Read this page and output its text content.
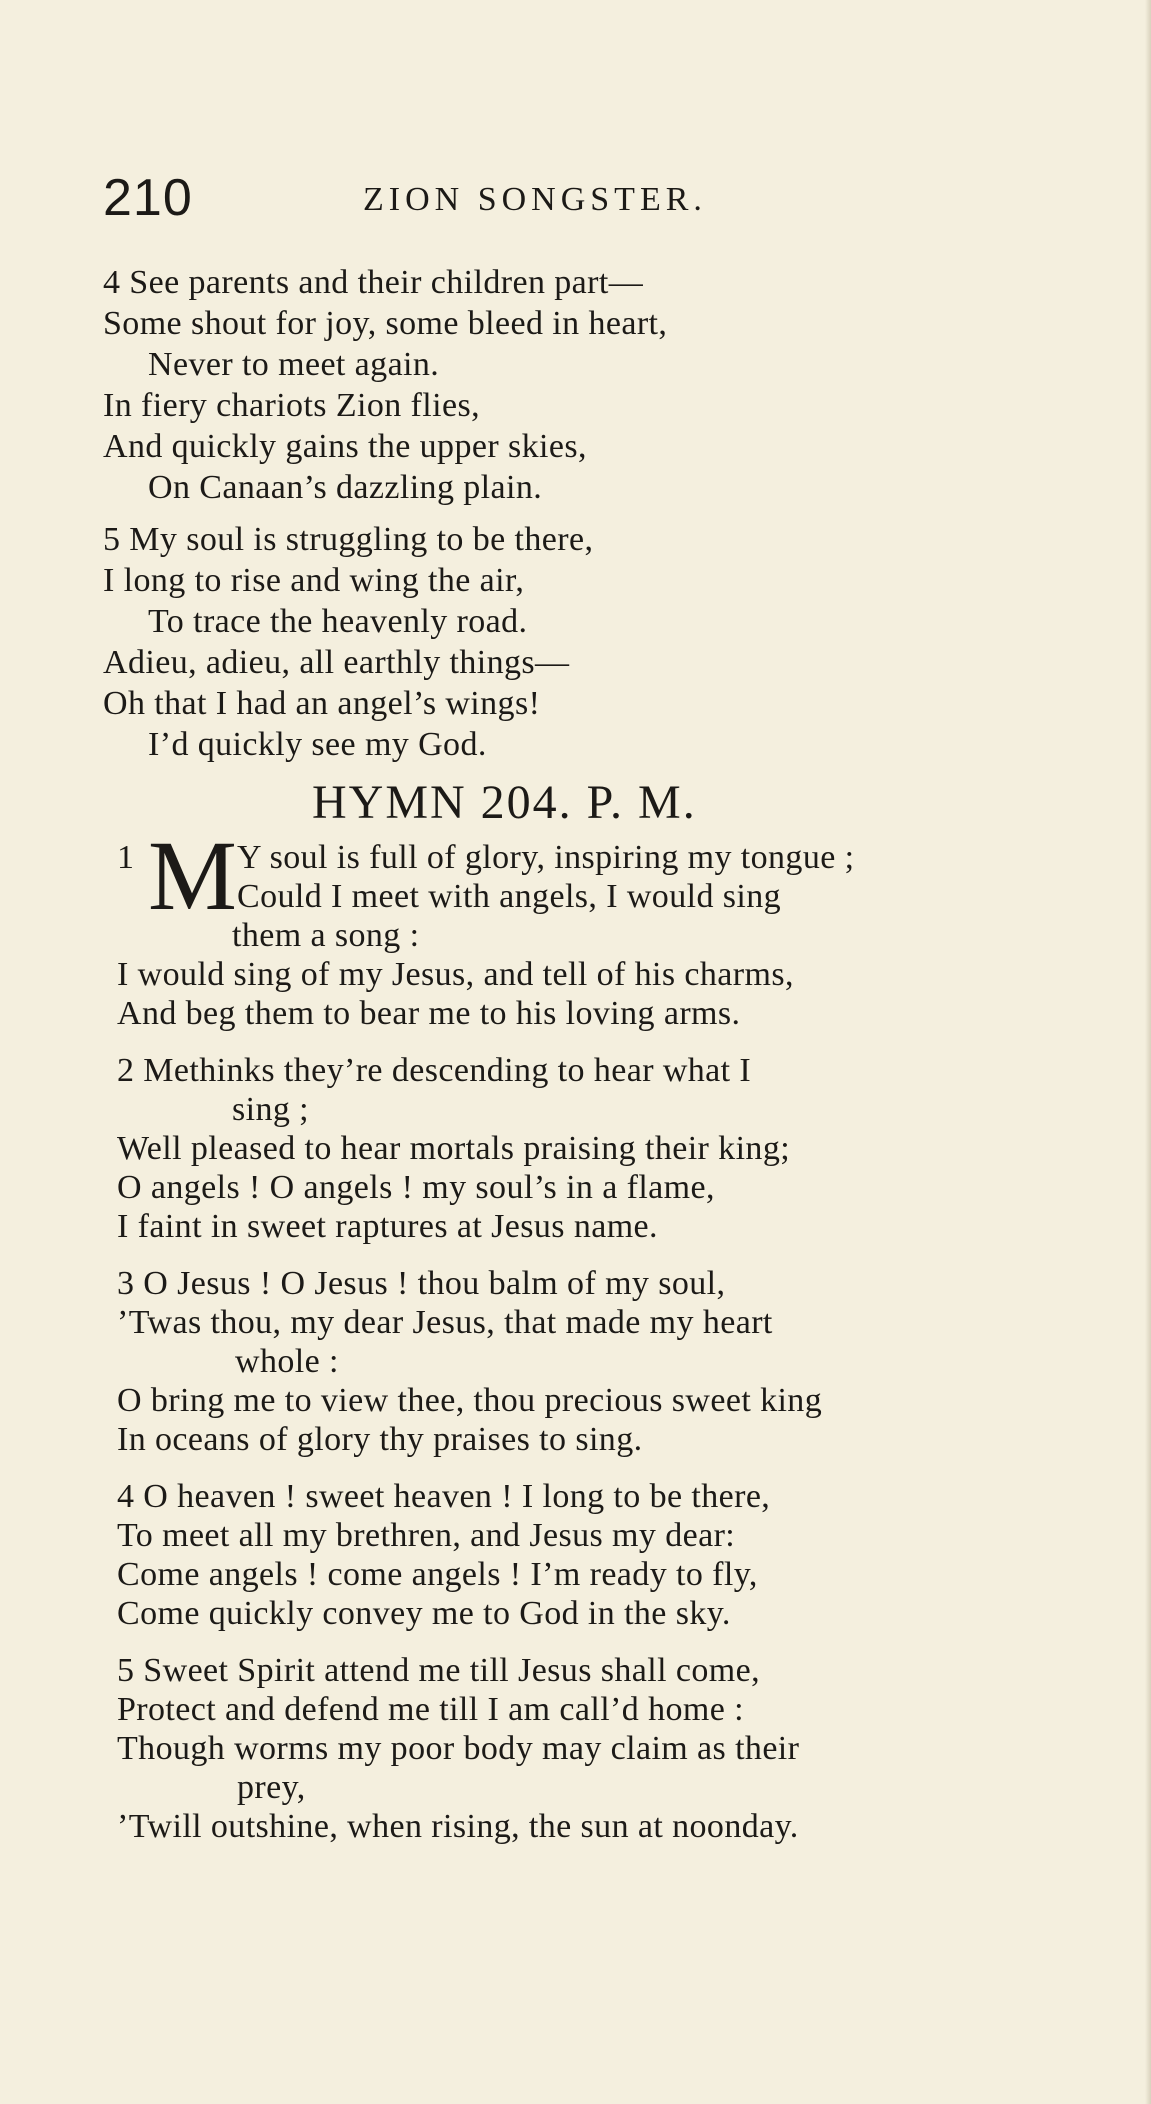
210	ZION SONGSTER.
4 See parents and their children part—
Some shout for joy, some bleed in heart,
Never to meet again.
In fiery chariots Zion flies,
And quickly gains the upper skies,
On Canaan’s dazzling plain.
5 My soul is struggling to be there,
I long to rise and wing the air,
To trace the heavenly road.
Adieu, adieu, all earthly things—
Oh that I had an angel’s wings!
I’d quickly see my God.
HYMN 204. P. M.
1 M Y soul is full of glory, inspiring my tongue ;
Could I meet with angels, I would sing
them a song :
I would sing of my Jesus, and tell of his charms,
And beg them to bear me to his loving arms.
2 Methinks they’re descending to hear what I
sing ;
Well pleased to hear mortals praising their king;
O angels ! O angels ! my soul’s in a flame,
I faint in sweet raptures at Jesus name.
3 O Jesus ! O Jesus ! thou balm of my soul,
’Twas thou, my dear Jesus, that made my heart
whole :
O bring me to view thee, thou precious sweet king
In oceans of glory thy praises to sing.
4 O heaven ! sweet heaven ! I long to be there,
To meet all my brethren, and Jesus my dear:
Come angels ! come angels ! I’m ready to fly,
Come quickly convey me to God in the sky.
5 Sweet Spirit attend me till Jesus shall come,
Protect and defend me till I am call’d home :
Though worms my poor body may claim as their
prey,
’Twill outshine, when rising, the sun at noonday.
